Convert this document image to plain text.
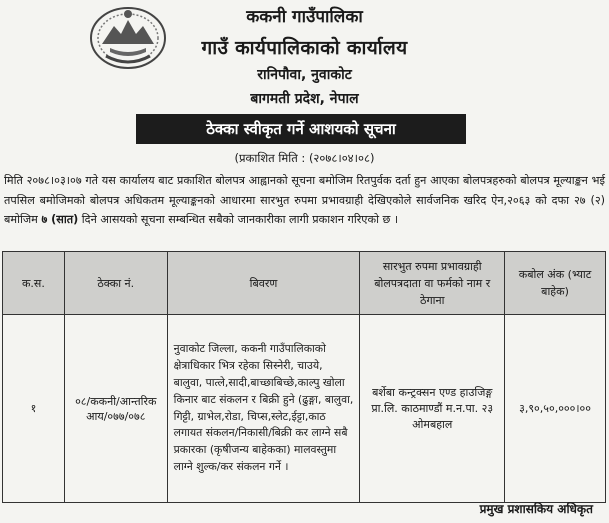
ककनी गाउँपालिका
गाउँ कार्यपालिकाको कार्यालय
रानिपौवा, नुवाकोट
बागमती प्रदेश, नेपाल
ठेक्का स्वीकृत गर्ने आशयको सूचना
(प्रकाशित मिति : (२०७८।०४।०८)
मिति २०७८।०३।०७ गते यस कार्यालय बाट प्रकाशित बोलपत्र आह्वानको सूचना बमोजिम रितपुर्वक दर्ता हुन आएका बोलपत्रहरुको बोलपत्र मूल्याङ्कन भई तपसिल बमोजिमको बोलपत्र अधिकतम मूल्याङ्कनको आधारमा सारभुत रुपमा प्रभावग्राही देखिएकोले सार्वजनिक खरिद ऐन,२०६३ को दफा २७ (२) बमोजिम ७ (सात) दिने आसयको सूचना सम्बन्धित सबैको जानकारीका लागी प्रकाशन गरिएको छ ।
क.स.	ठेक्का नं.	बिवरण	सारभुत रुपमा प्रभावग्राही बोलपत्रदाता वा फर्मको नाम र ठेगाना	कबोल अंक (भ्याट बाहेक)
१	०८/ककनी/आन्तरिक आय/०७७/०७८	नुवाकोट जिल्ला, ककनी गाउँपालिकाको क्षेत्राधिकार भित्र रहेका सिस्नेरी, चाउये, बालुवा, पात्ले,सादी,बाच्छाबिच्छे,काल्पु खोला किनार बाट संकलन र बिक्री हुने (ढुङ्गा, बालुवा, गिट्टी, ग्राभेल,रोडा, चिप्स,स्लेट,ईट्टा,काठ लगायत संकलन/निकासी/बिक्री कर लाग्ने सबै प्रकारका (कृषीजन्य बाहेकका) मालवस्तुमा लाग्ने शुल्क/कर संकलन गर्ने ।	बर्शेबा कन्ट्रक्सन एण्ड हाउजिङ्ग प्रा.लि. काठमाण्डौं म.न.पा. २३ ओमबहाल	३,९०,५०,०००।००
प्रमुख प्रशासकिय अधिकृत
